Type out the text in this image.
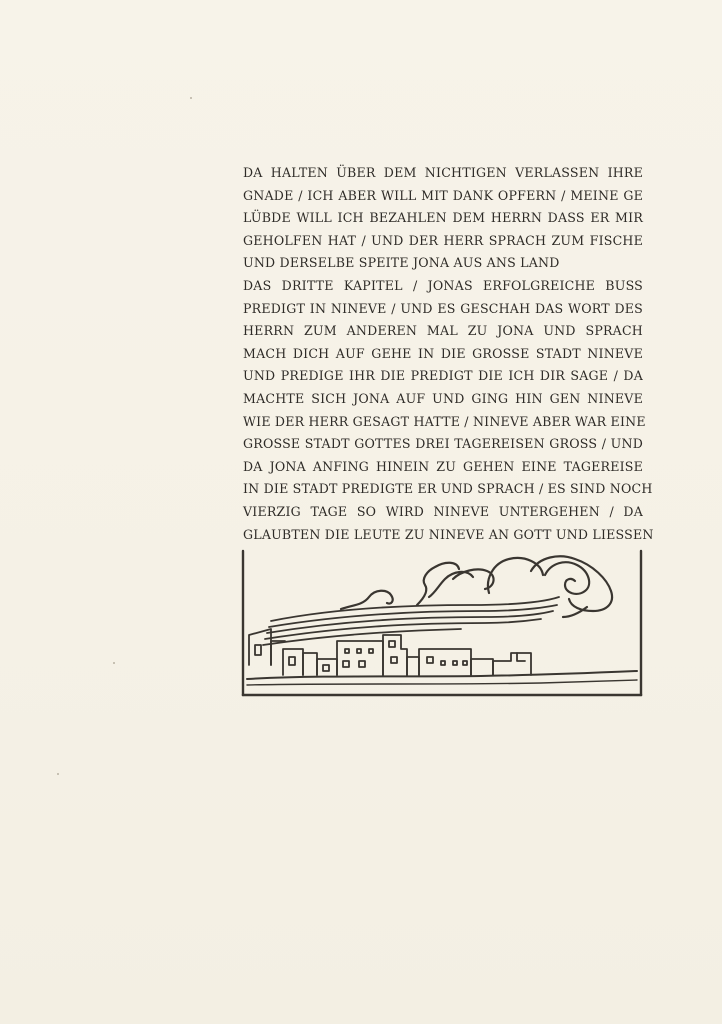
DA HALTEN ÜBER DEM NICHTIGEN VERLASSEN IHRE
GNADE / ICH ABER WILL MIT DANK OPFERN / MEINE GE
LÜBDE WILL ICH BEZAHLEN DEM HERRN DASS ER MIR
GEHOLFEN HAT / UND DER HERR SPRACH ZUM FISCHE
UND DERSELBE SPEITE JONA AUS ANS LAND
DAS DRITTE KAPITEL / JONAS ERFOLGREICHE BUSS
PREDIGT IN NINEVE / UND ES GESCHAH DAS WORT DES
HERRN ZUM ANDEREN MAL ZU JONA UND SPRACH
MACH DICH AUF GEHE IN DIE GROSSE STADT NINEVE
UND PREDIGE IHR DIE PREDIGT DIE ICH DIR SAGE / DA
MACHTE SICH JONA AUF UND GING HIN GEN NINEVE
WIE DER HERR GESAGT HATTE / NINEVE ABER WAR EINE
GROSSE STADT GOTTES DREI TAGEREISEN GROSS / UND
DA JONA ANFING HINEIN ZU GEHEN EINE TAGEREISE
IN DIE STADT PREDIGTE ER UND SPRACH / ES SIND NOCH
VIERZIG TAGE SO WIRD NINEVE UNTERGEHEN / DA
GLAUBTEN DIE LEUTE ZU NINEVE AN GOTT UND LIESSEN
